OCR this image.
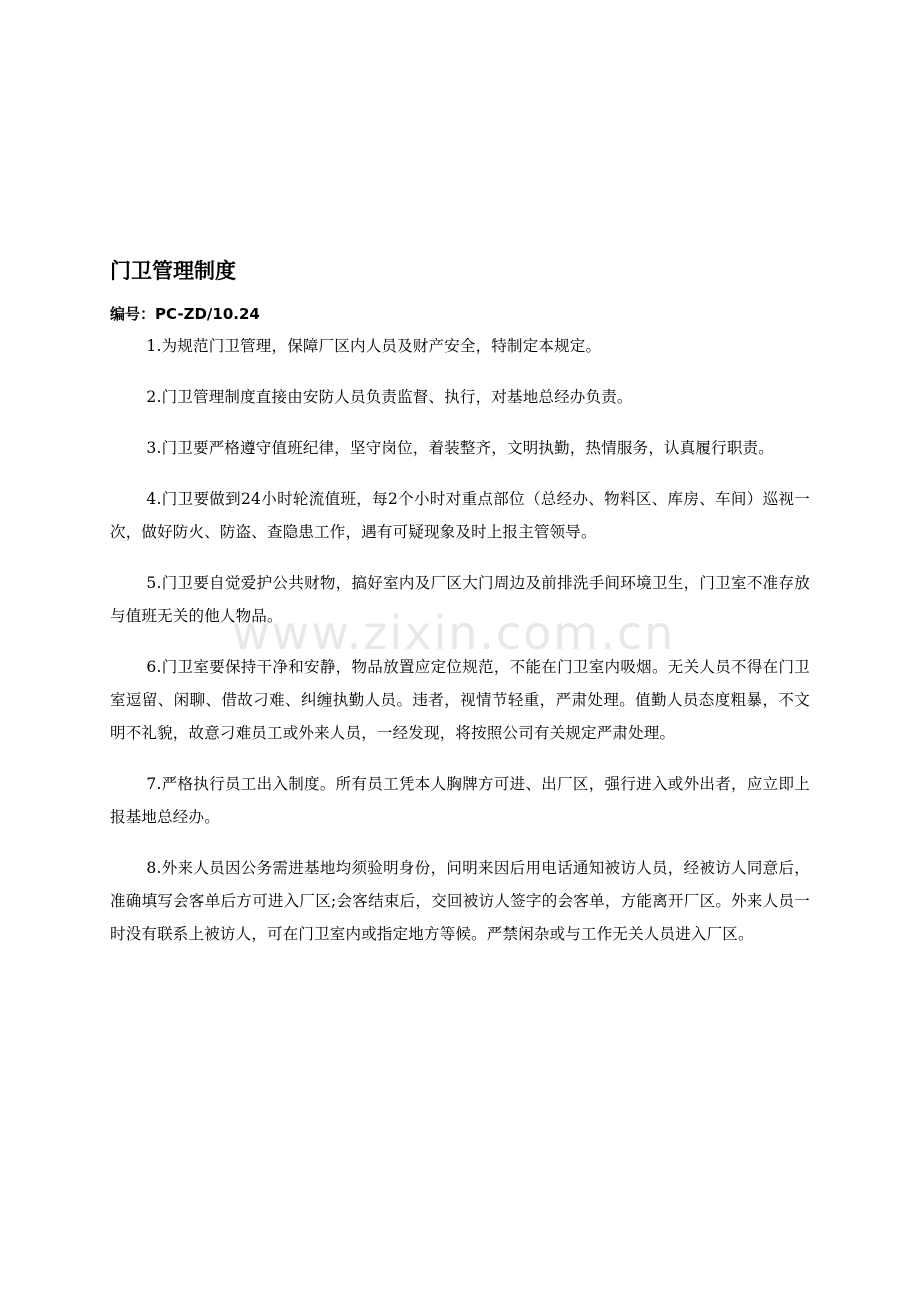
www.zixin.com.cn
门卫管理制度

编号：PC-ZD/10.24

1.为规范门卫管理，保障厂区内人员及财产安全，特制定本规定。

2.门卫管理制度直接由安防人员负责监督、执行，对基地总经办负责。

3.门卫要严格遵守值班纪律，坚守岗位，着装整齐，文明执勤，热情服务，认真履行职责。

4.门卫要做到24小时轮流值班，每2个小时对重点部位（总经办、物料区、库房、车间）巡视一次，做好防火、防盗、查隐患工作，遇有可疑现象及时上报主管领导。

5.门卫要自觉爱护公共财物，搞好室内及厂区大门周边及前排洗手间环境卫生，门卫室不准存放与值班无关的他人物品。

6.门卫室要保持干净和安静，物品放置应定位规范，不能在门卫室内吸烟。无关人员不得在门卫室逗留、闲聊、借故刁难、纠缠执勤人员。违者，视情节轻重，严肃处理。值勤人员态度粗暴，不文明不礼貌，故意刁难员工或外来人员，一经发现，将按照公司有关规定严肃处理。

7.严格执行员工出入制度。所有员工凭本人胸牌方可进、出厂区，强行进入或外出者，应立即上报基地总经办。

8.外来人员因公务需进基地均须验明身份，问明来因后用电话通知被访人员，经被访人同意后，准确填写会客单后方可进入厂区;会客结束后，交回被访人签字的会客单，方能离开厂区。外来人员一时没有联系上被访人，可在门卫室内或指定地方等候。严禁闲杂或与工作无关人员进入厂区。
